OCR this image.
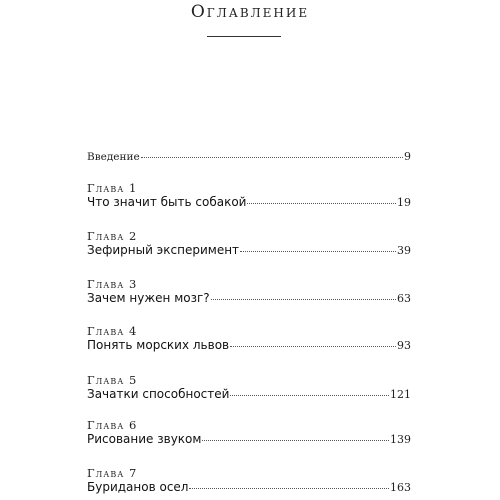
Оглавление
Введение	9
Глава 1
Что значит быть собакой	19
Глава 2
Зефирный эксперимент	39
Глава 3
Зачем нужен мозг?	63
Глава 4
Понять морских львов	93
Глава 5
Зачатки способностей	121
Глава 6
Рисование звуком	139
Глава 7
Буриданов осел	163
